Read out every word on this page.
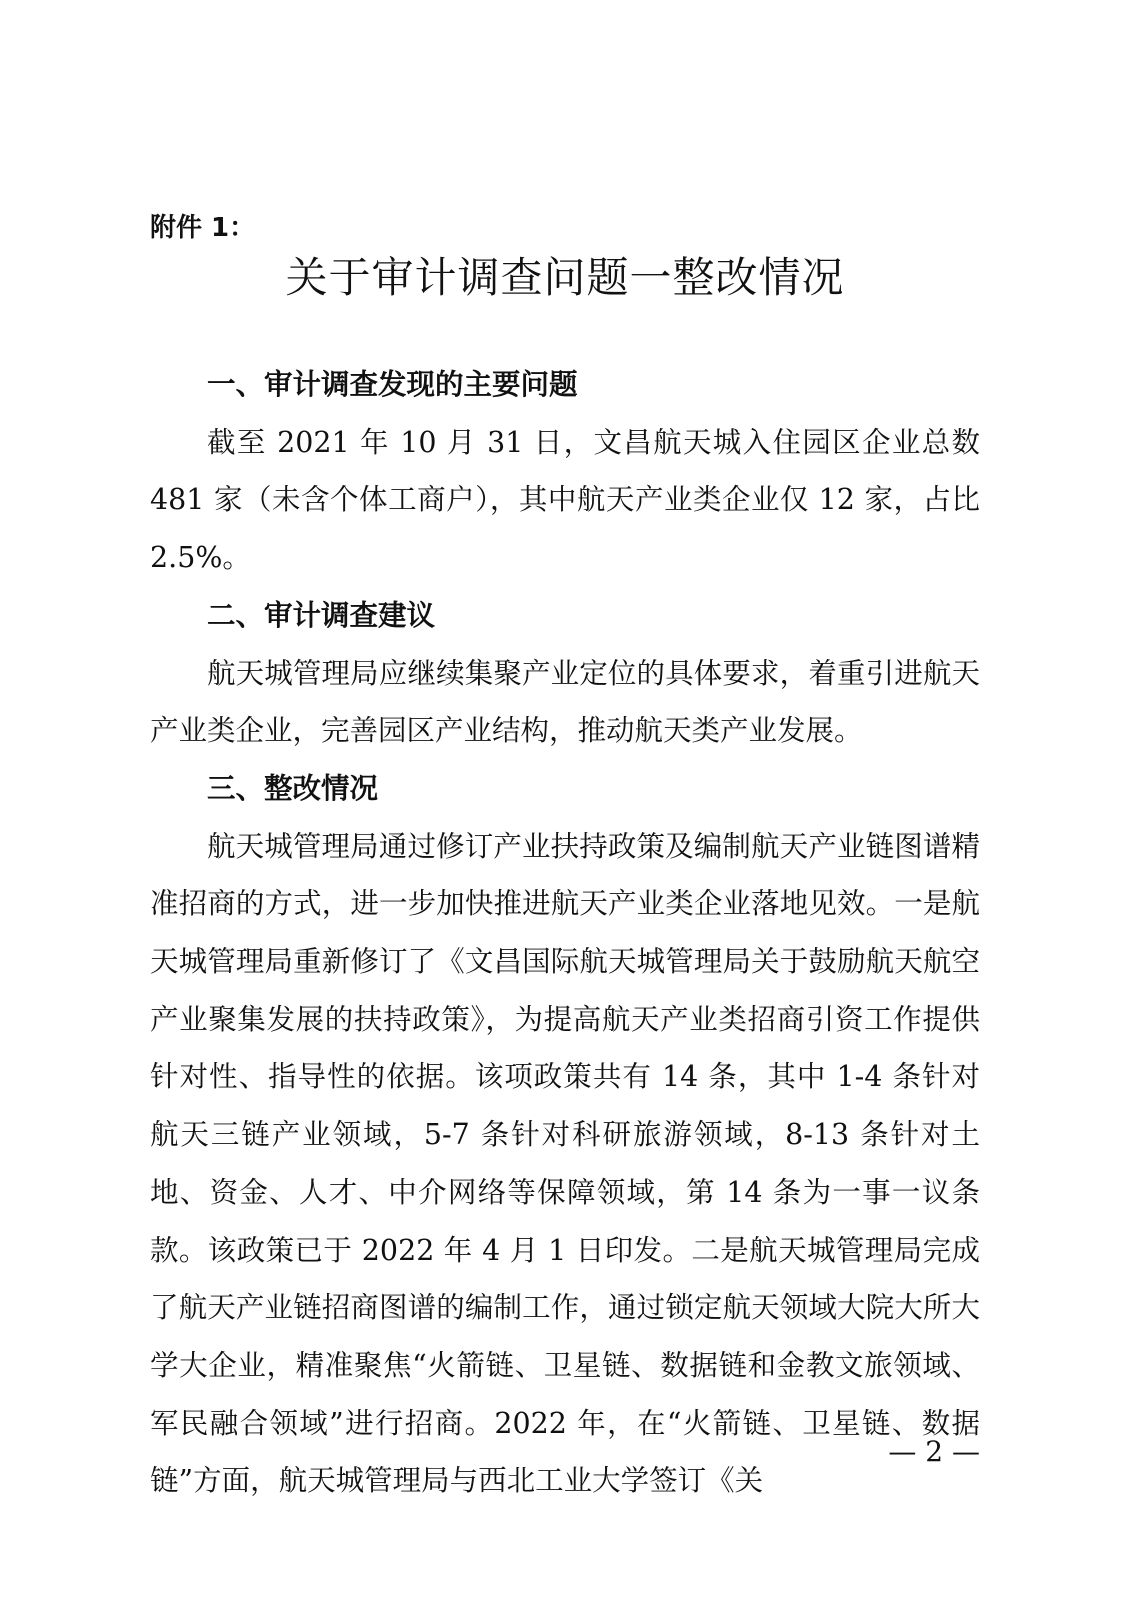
附件 1：
关于审计调查问题一整改情况

一、审计调查发现的主要问题

截至 2021 年 10 月 31 日，文昌航天城入住园区企业总数 481 家（未含个体工商户），其中航天产业类企业仅 12 家，占比 2.5%。

二、审计调查建议

航天城管理局应继续集聚产业定位的具体要求，着重引进航天产业类企业，完善园区产业结构，推动航天类产业发展。

三、整改情况

航天城管理局通过修订产业扶持政策及编制航天产业链图谱精准招商的方式，进一步加快推进航天产业类企业落地见效。一是航天城管理局重新修订了《文昌国际航天城管理局关于鼓励航天航空产业聚集发展的扶持政策》，为提高航天产业类招商引资工作提供针对性、指导性的依据。该项政策共有 14 条，其中 1-4 条针对航天三链产业领域，5-7 条针对科研旅游领域，8-13 条针对土地、资金、人才、中介网络等保障领域，第 14 条为一事一议条款。该政策已于 2022 年 4 月 1 日印发。二是航天城管理局完成了航天产业链招商图谱的编制工作，通过锁定航天领域大院大所大学大企业，精准聚焦“火箭链、卫星链、数据链和金教文旅领域、军民融合领域”进行招商。2022 年，在“火箭链、卫星链、数据链”方面，航天城管理局与西北工业大学签订《关

— 2 —
